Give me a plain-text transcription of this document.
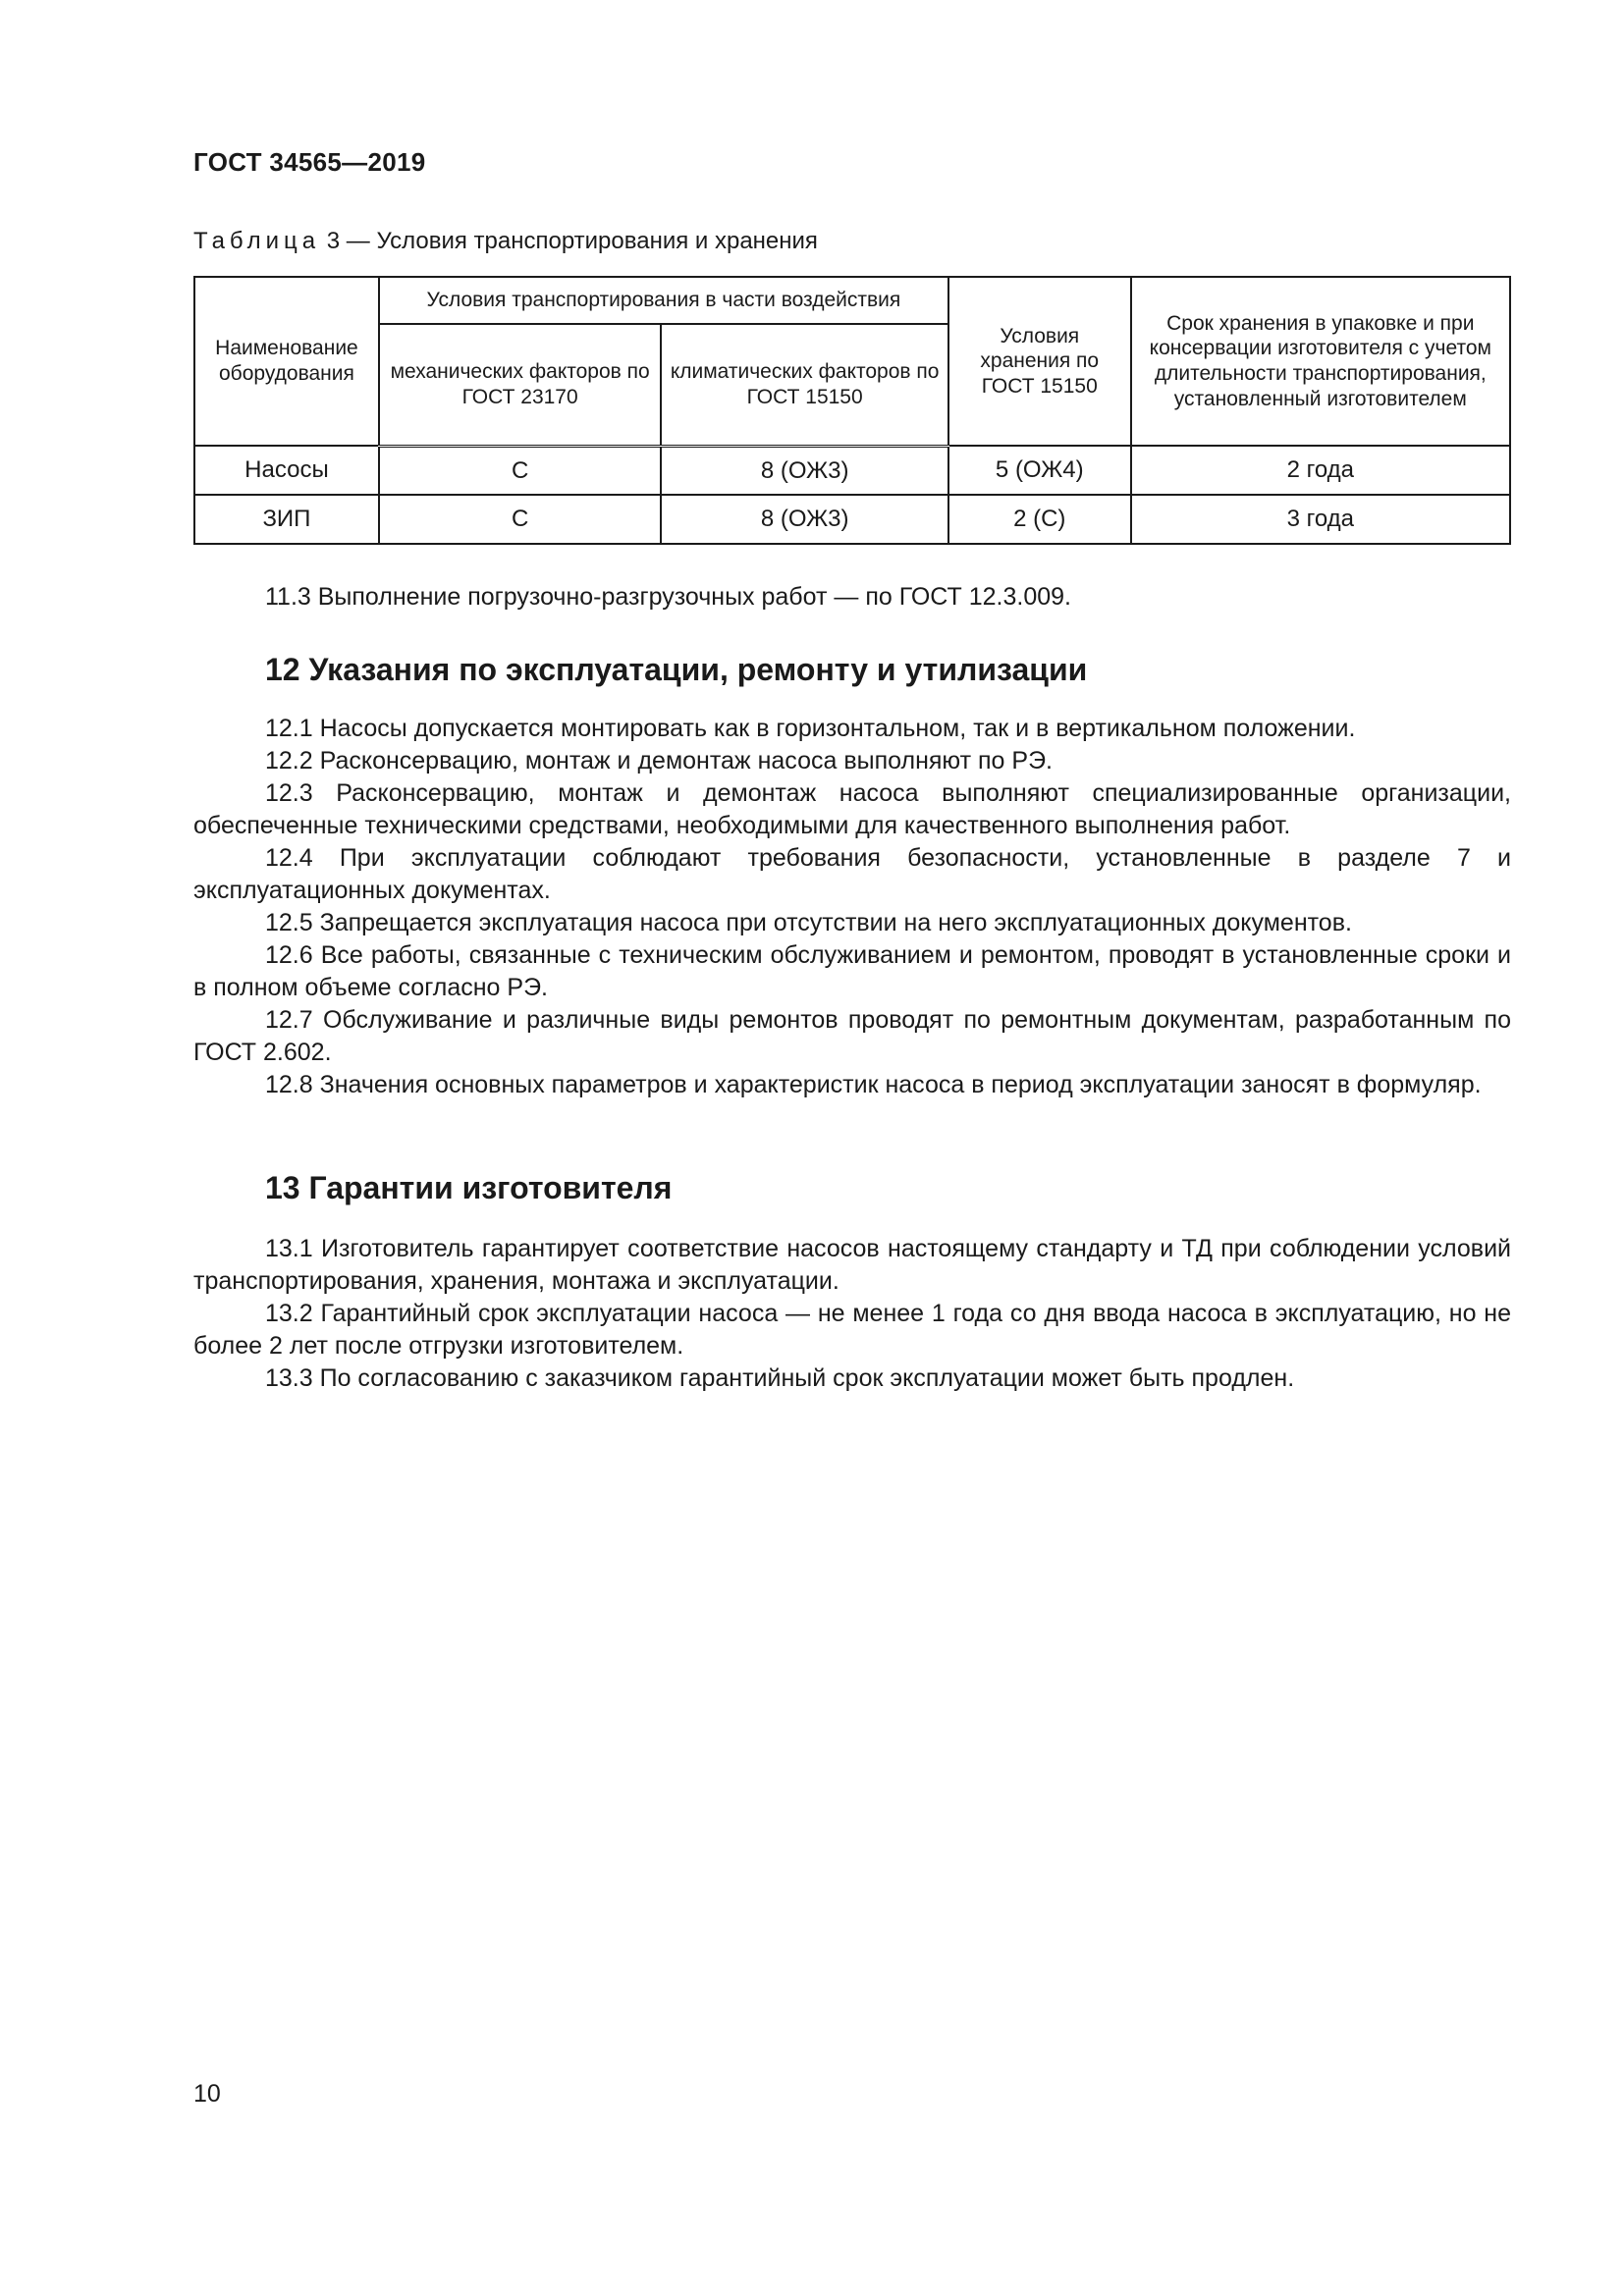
ГОСТ 34565—2019
Таблица 3 — Условия транспортирования и хранения
Наименование оборудования	Условия транспортирования в части воздействия		Условия хранения по ГОСТ 15150	Срок хранения в упаковке и при консервации изготовителя с учетом длительности транспортирования, установленный изготовителем
	механических факторов по ГОСТ 23170	климатических факторов по ГОСТ 15150		
Насосы	С	8 (ОЖ3)	5 (ОЖ4)	2 года
ЗИП	С	8 (ОЖ3)	2 (С)	3 года

11.3 Выполнение погрузочно-разгрузочных работ — по ГОСТ 12.3.009.

12 Указания по эксплуатации, ремонту и утилизации

12.1 Насосы допускается монтировать как в горизонтальном, так и в вертикальном положении.

12.2 Расконсервацию, монтаж и демонтаж насоса выполняют по РЭ.

12.3 Расконсервацию, монтаж и демонтаж насоса выполняют специализированные организации, обеспеченные техническими средствами, необходимыми для качественного выполнения работ.

12.4 При эксплуатации соблюдают требования безопасности, установленные в разделе 7 и эксплуатационных документах.

12.5 Запрещается эксплуатация насоса при отсутствии на него эксплуатационных документов.

12.6 Все работы, связанные с техническим обслуживанием и ремонтом, проводят в установленные сроки и в полном объеме согласно РЭ.

12.7 Обслуживание и различные виды ремонтов проводят по ремонтным документам, разработанным по ГОСТ 2.602.

12.8 Значения основных параметров и характеристик насоса в период эксплуатации заносят в формуляр.

13 Гарантии изготовителя

13.1 Изготовитель гарантирует соответствие насосов настоящему стандарту и ТД при соблюдении условий транспортирования, хранения, монтажа и эксплуатации.

13.2 Гарантийный срок эксплуатации насоса — не менее 1 года со дня ввода насоса в эксплуатацию, но не более 2 лет после отгрузки изготовителем.

13.3 По согласованию с заказчиком гарантийный срок эксплуатации может быть продлен.

10
